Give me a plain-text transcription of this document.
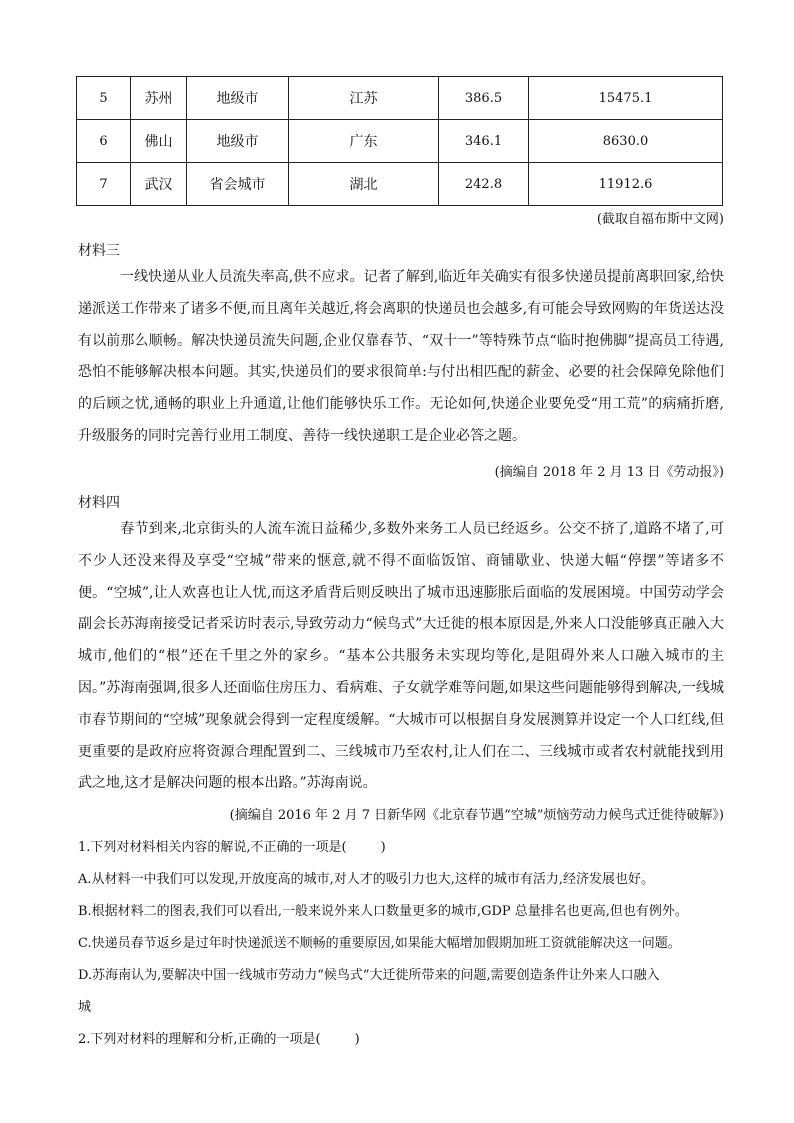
5	苏州	地级市	江苏	386.5	15475.1
6	佛山	地级市	广东	346.1	8630.0
7	武汉	省会城市	湖北	242.8	11912.6
(截取自福布斯中文网)
材料三
一线快递从业人员流失率高,供不应求。记者了解到,临近年关确实有很多快递员提前离职回家,给快递派送工作带来了诸多不便,而且离年关越近,将会离职的快递员也会越多,有可能会导致网购的年货送达没有以前那么顺畅。解决快递员流失问题,企业仅靠春节、“双十一”等特殊节点“临时抱佛脚”提高员工待遇,恐怕不能够解决根本问题。其实,快递员们的要求很简单:与付出相匹配的薪金、必要的社会保障免除他们的后顾之忧,通畅的职业上升通道,让他们能够快乐工作。无论如何,快递企业要免受“用工荒”的病痛折磨,升级服务的同时完善行业用工制度、善待一线快递职工是企业必答之题。
(摘编自 2018 年 2 月 13 日《劳动报》)
材料四
春节到来,北京街头的人流车流日益稀少,多数外来务工人员已经返乡。公交不挤了,道路不堵了,可不少人还没来得及享受“空城”带来的惬意,就不得不面临饭馆、商铺歇业、快递大幅“停摆”等诸多不便。“空城”,让人欢喜也让人忧,而这矛盾背后则反映出了城市迅速膨胀后面临的发展困境。中国劳动学会副会长苏海南接受记者采访时表示,导致劳动力“候鸟式”大迁徙的根本原因是,外来人口没能够真正融入大城市,他们的“根”还在千里之外的家乡。“基本公共服务未实现均等化,是阻碍外来人口融入城市的主因。”苏海南强调,很多人还面临住房压力、看病难、子女就学难等问题,如果这些问题能够得到解决,一线城市春节期间的“空城”现象就会得到一定程度缓解。“大城市可以根据自身发展测算并设定一个人口红线,但更重要的是政府应将资源合理配置到二、三线城市乃至农村,让人们在二、三线城市或者农村就能找到用武之地,这才是解决问题的根本出路。”苏海南说。
(摘编自 2016 年 2 月 7 日新华网《北京春节遇“空城”烦恼劳动力候鸟式迁徙待破解》)
1.下列对材料相关内容的解说,不正确的一项是(	)
A.从材料一中我们可以发现,开放度高的城市,对人才的吸引力也大,这样的城市有活力,经济发展也好。
B.根据材料二的图表,我们可以看出,一般来说外来人口数量更多的城市,GDP 总量排名也更高,但也有例外。
C.快递员春节返乡是过年时快递派送不顺畅的重要原因,如果能大幅增加假期加班工资就能解决这一问题。
D.苏海南认为,要解决中国一线城市劳动力“候鸟式”大迁徙所带来的问题,需要创造条件让外来人口融入
城
2.下列对材料的理解和分析,正确的一项是(	)
